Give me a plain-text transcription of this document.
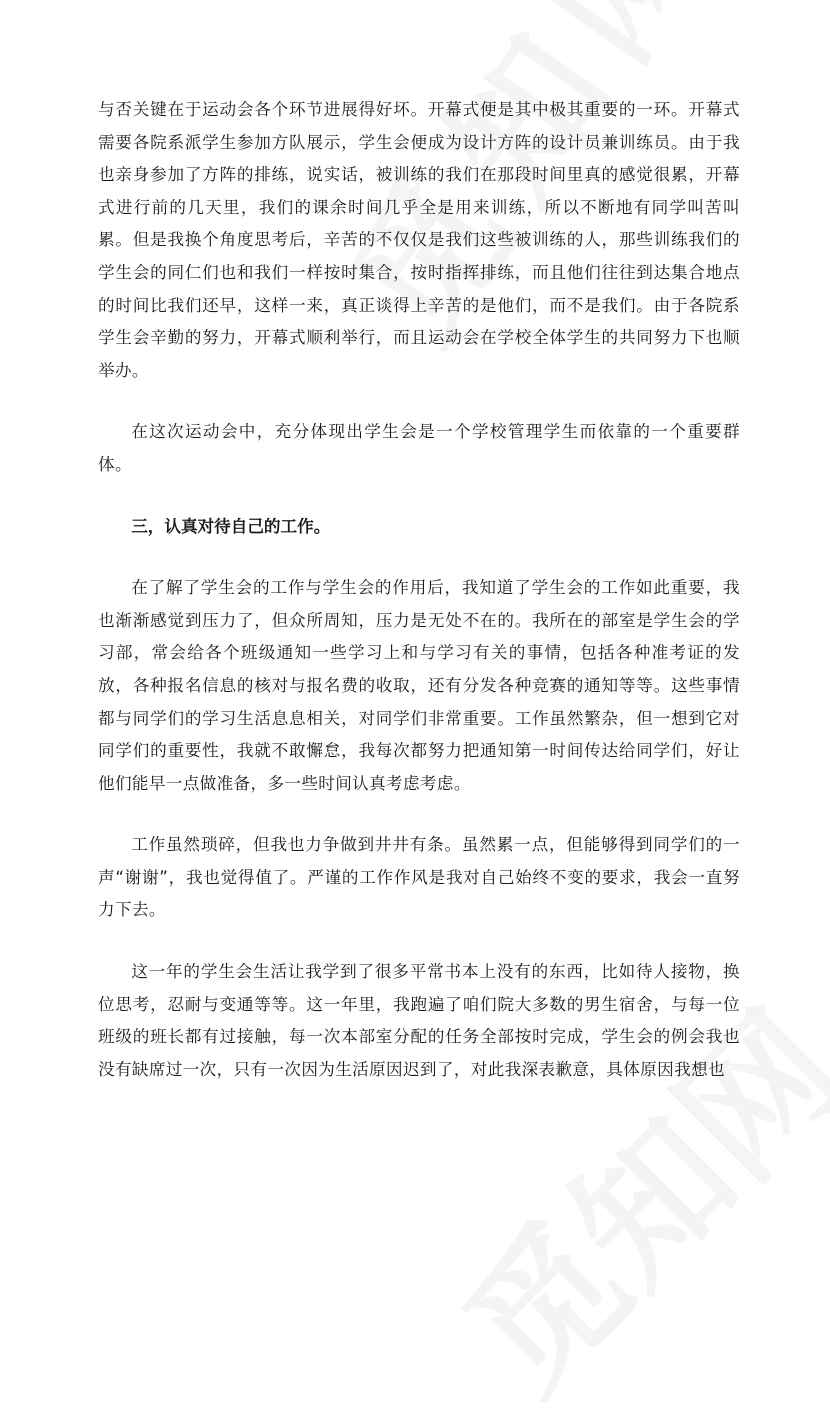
与否关键在于运动会各个环节进展得好坏。开幕式便是其中极其重要的一环。开幕式需要各院系派学生参加方队展示，学生会便成为设计方阵的设计员兼训练员。由于我也亲身参加了方阵的排练，说实话，被训练的我们在那段时间里真的感觉很累，开幕式进行前的几天里，我们的课余时间几乎全是用来训练，所以不断地有同学叫苦叫累。但是我换个角度思考后，辛苦的不仅仅是我们这些被训练的人，那些训练我们的学生会的同仁们也和我们一样按时集合，按时指挥排练，而且他们往往到达集合地点的时间比我们还早，这样一来，真正谈得上辛苦的是他们，而不是我们。由于各院系学生会辛勤的努力，开幕式顺利举行，而且运动会在学校全体学生的共同努力下也顺举办。

在这次运动会中，充分体现出学生会是一个学校管理学生而依靠的一个重要群体。

三，认真对待自己的工作。

在了解了学生会的工作与学生会的作用后，我知道了学生会的工作如此重要，我也渐渐感觉到压力了，但众所周知，压力是无处不在的。我所在的部室是学生会的学习部，常会给各个班级通知一些学习上和与学习有关的事情，包括各种准考证的发放，各种报名信息的核对与报名费的收取，还有分发各种竞赛的通知等等。这些事情都与同学们的学习生活息息相关，对同学们非常重要。工作虽然繁杂，但一想到它对同学们的重要性，我就不敢懈怠，我每次都努力把通知第一时间传达给同学们，好让他们能早一点做准备，多一些时间认真考虑考虑。

工作虽然琐碎，但我也力争做到井井有条。虽然累一点，但能够得到同学们的一声“谢谢”，我也觉得值了。严谨的工作作风是我对自己始终不变的要求，我会一直努力下去。

这一年的学生会生活让我学到了很多平常书本上没有的东西，比如待人接物，换位思考，忍耐与变通等等。这一年里，我跑遍了咱们院大多数的男生宿舍，与每一位班级的班长都有过接触，每一次本部室分配的任务全部按时完成，学生会的例会我也没有缺席过一次，只有一次因为生活原因迟到了，对此我深表歉意，具体原因我想也
